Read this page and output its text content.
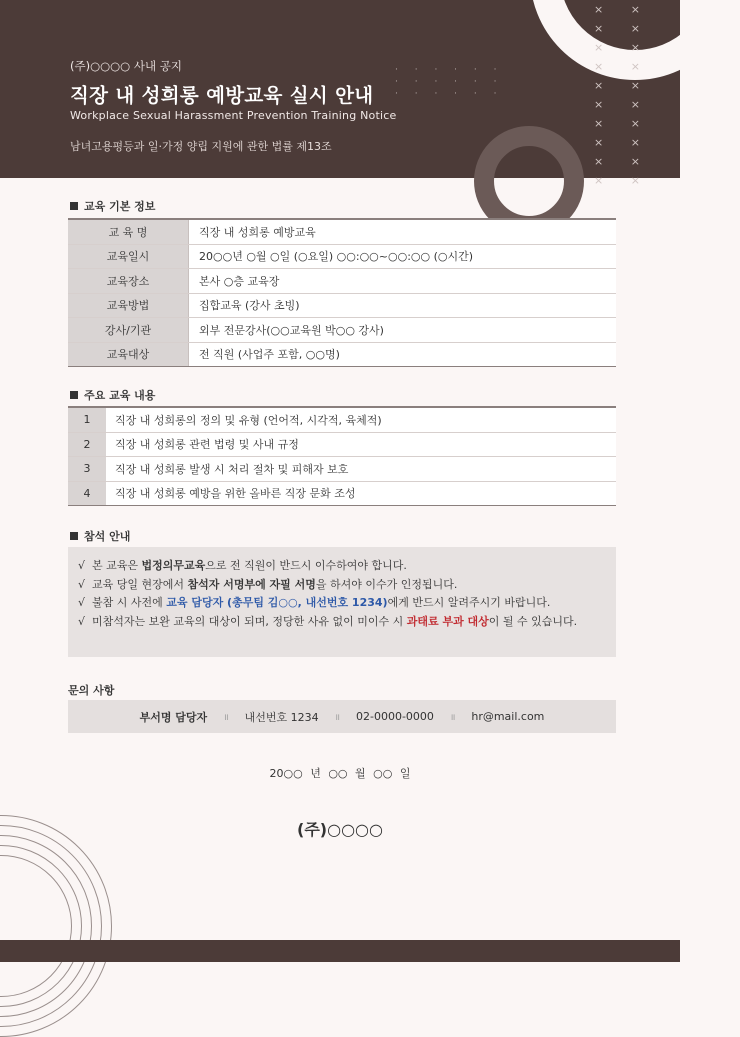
× × × ×
× × × ×
× × × ×
× × × ×
× × × ×
· · · · · ·
· · · · · ·
· · · · · ·
(주)○○○○ 사내 공지
직장 내 성희롱 예방교육 실시 안내
Workplace Sexual Harassment Prevention Training Notice
남녀고용평등과 일·가정 양립 지원에 관한 법률 제13조
교육 기본 정보
교 육 명	직장 내 성희롱 예방교육
교육일시	20○○년 ○월 ○일 (○요일) ○○:○○~○○:○○ (○시간)
교육장소	본사 ○층 교육장
교육방법	집합교육 (강사 초빙)
강사/기관	외부 전문강사(○○교육원 박○○ 강사)
교육대상	전 직원 (사업주 포함, ○○명)
주요 교육 내용
1	직장 내 성희롱의 정의 및 유형 (언어적, 시각적, 육체적)
2	직장 내 성희롱 관련 법령 및 사내 규정
3	직장 내 성희롱 발생 시 처리 절차 및 피해자 보호
4	직장 내 성희롱 예방을 위한 올바른 직장 문화 조성
참석 안내
√ 본 교육은 법정의무교육으로 전 직원이 반드시 이수하여야 합니다.
√ 교육 당일 현장에서 참석자 서명부에 자필 서명을 하셔야 이수가 인정됩니다.
√ 불참 시 사전에 교육 담당자 (총무팀 김○○, 내선번호 1234)에게 반드시 알려주시기 바랍니다.
√ 미참석자는 보완 교육의 대상이 되며, 정당한 사유 없이 미이수 시 과태료 부과 대상이 될 수 있습니다.
문의 사항
부서명 담당자 ॥ 내선번호 1234 ॥ 02-0000-0000 ॥ hr@mail.com
20○○ 년 ○○ 월 ○○ 일
(주)○○○○
